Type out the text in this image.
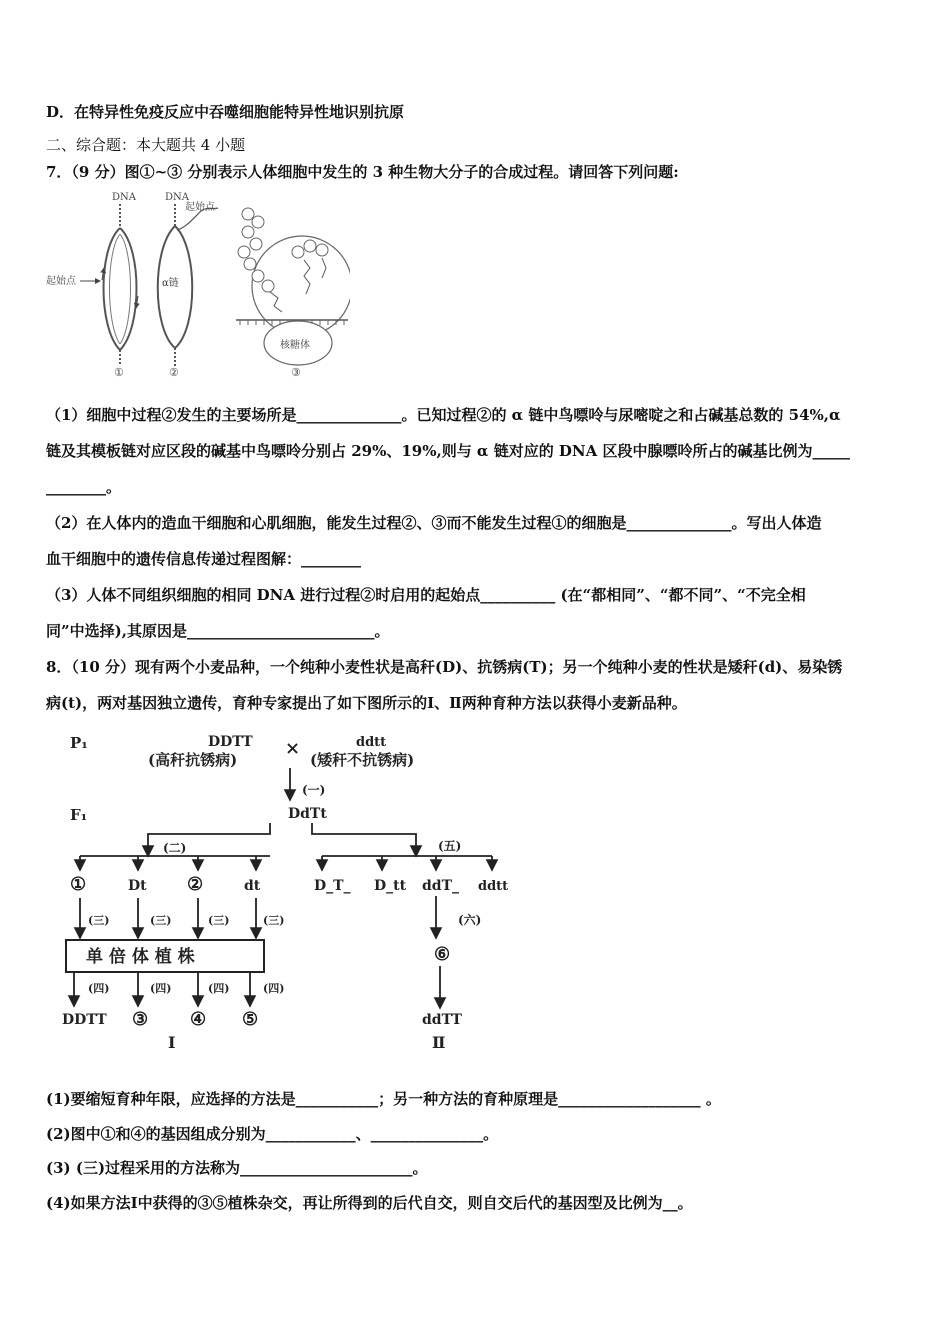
D．在特异性免疫反应中吞噬细胞能特异性地识别抗原
二、综合题：本大题共 4 小题
7．（9 分）图①~③ 分别表示人体细胞中发生的 3 种生物大分子的合成过程。请回答下列问题:
DNA
起始点
①
DNA
起始点
α链
②
核糖体
③
（1）细胞中过程②发生的主要场所是______________。已知过程②的 α 链中鸟嘌呤与尿嘧啶之和占碱基总数的 54%,α
链及其模板链对应区段的碱基中鸟嘌呤分别占 29%、19%,则与 α 链对应的 DNA 区段中腺嘌呤所占的碱基比例为_____
________。
（2）在人体内的造血干细胞和心肌细胞，能发生过程②、③而不能发生过程①的细胞是______________。写出人体造
血干细胞中的遗传信息传递过程图解：________
（3）人体不同组织细胞的相同 DNA 进行过程②时启用的起始点__________ (在“都相同”、“都不同”、“不完全相
同”中选择),其原因是_________________________。
8．（10 分）现有两个小麦品种，一个纯种小麦性状是高秆(D)、抗锈病(T)；另一个纯种小麦的性状是矮秆(d)、易染锈
病(t)，两对基因独立遗传，育种专家提出了如下图所示的Ⅰ、Ⅱ两种育种方法以获得小麦新品种。
P₁	DDTT
(高秆抗锈病)
×	ddtt
(矮秆不抗锈病)
F₁	DdTt
(一)
(二)	(五)
(六)
(三)	(三)	(三)	(三)
(四)	(四)	(四)	(四)
①	Dt ②	dt
单 倍 体 植 株
DDTT ③ ④ ⑤
Ⅰ
D_T_ D_tt ddT_ ddtt
⑥
ddTT
Ⅱ
(1)要缩短育种年限，应选择的方法是___________；另一种方法的育种原理是___________________ 。
(2)图中①和④的基因组成分别为____________、_______________。
(3) (三)过程采用的方法称为_______________________。
(4)如果方法Ⅰ中获得的③⑤植株杂交，再让所得到的后代自交，则自交后代的基因型及比例为__。
